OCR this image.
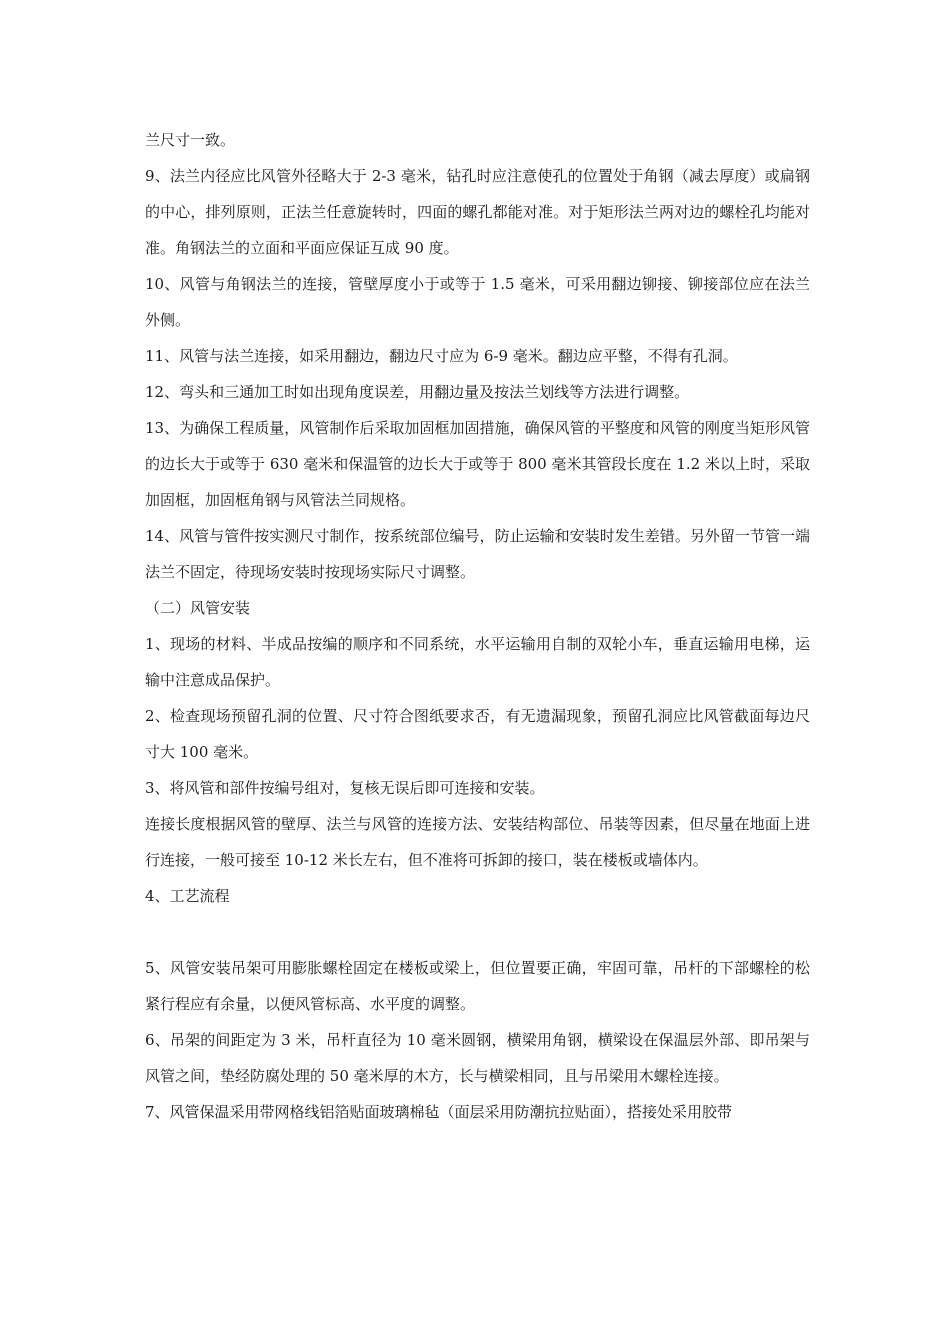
兰尺寸一致。

9、法兰内径应比风管外径略大于 2-3 毫米，钻孔时应注意使孔的位置处于角钢（减去厚度）或扁钢的中心，排列原则，正法兰任意旋转时，四面的螺孔都能对准。对于矩形法兰两对边的螺栓孔均能对准。角钢法兰的立面和平面应保证互成 90 度。

10、风管与角钢法兰的连接，管壁厚度小于或等于 1.5 毫米，可采用翻边铆接、铆接部位应在法兰外侧。

11、风管与法兰连接，如采用翻边，翻边尺寸应为 6-9 毫米。翻边应平整，不得有孔洞。

12、弯头和三通加工时如出现角度误差，用翻边量及按法兰划线等方法进行调整。

13、为确保工程质量，风管制作后采取加固框加固措施，确保风管的平整度和风管的刚度当矩形风管的边长大于或等于 630 毫米和保温管的边长大于或等于 800 毫米其管段长度在 1.2 米以上时，采取加固框，加固框角钢与风管法兰同规格。

14、风管与管件按实测尺寸制作，按系统部位编号，防止运输和安装时发生差错。另外留一节管一端法兰不固定，待现场安装时按现场实际尺寸调整。

（二）风管安装

1、现场的材料、半成品按编的顺序和不同系统，水平运输用自制的双轮小车，垂直运输用电梯，运输中注意成品保护。

2、检查现场预留孔洞的位置、尺寸符合图纸要求否，有无遗漏现象，预留孔洞应比风管截面每边尺寸大 100 毫米。

3、将风管和部件按编号组对，复核无误后即可连接和安装。

连接长度根据风管的壁厚、法兰与风管的连接方法、安装结构部位、吊装等因素，但尽量在地面上进行连接，一般可接至 10-12 米长左右，但不准将可拆卸的接口，装在楼板或墙体内。

4、工艺流程

5、风管安装吊架可用膨胀螺栓固定在楼板或梁上，但位置要正确，牢固可靠，吊杆的下部螺栓的松紧行程应有余量，以便风管标高、水平度的调整。

6、吊架的间距定为 3 米，吊杆直径为 10 毫米圆钢，横梁用角钢，横梁设在保温层外部、即吊架与风管之间，垫经防腐处理的 50 毫米厚的木方，长与横梁相同，且与吊梁用木螺栓连接。

7、风管保温采用带网格线铝箔贴面玻璃棉毡（面层采用防潮抗拉贴面），搭接处采用胶带
